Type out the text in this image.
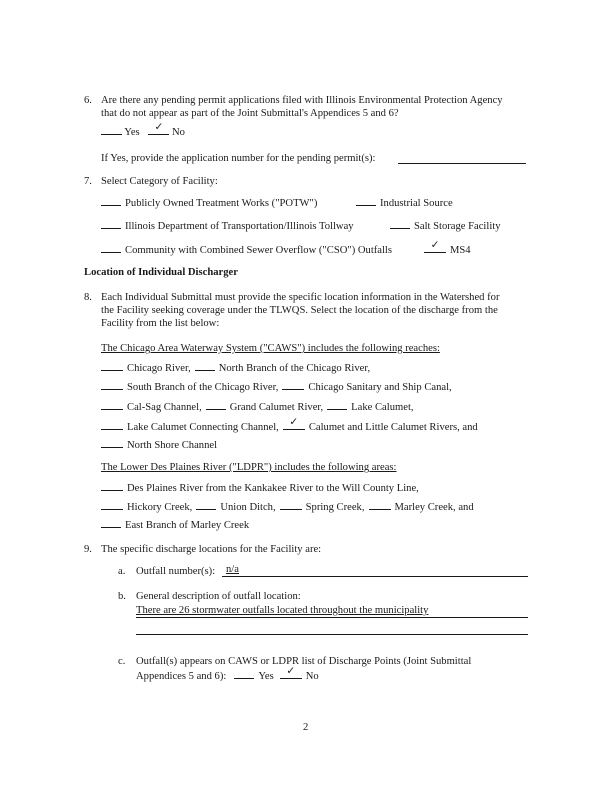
6. Are there any pending permit applications filed with Illinois Environmental Protection Agency
that do not appear as part of the Joint Submittal's Appendices 5 and 6?
Yes	✓ No
If Yes, provide the application number for the pending permit(s):
7. Select Category of Facility:
Publicly Owned Treatment Works ("POTW")	Industrial Source
Illinois Department of Transportation/Illinois Tollway	Salt Storage Facility
Community with Combined Sewer Overflow ("CSO") Outfalls	✓ MS4
Location of Individual Discharger
8. Each Individual Submittal must provide the specific location information in the Watershed for
the Facility seeking coverage under the TLWQS. Select the location of the discharge from the
Facility from the list below:
The Chicago Area Waterway System ("CAWS") includes the following reaches:
Chicago River,	North Branch of the Chicago River,
South Branch of the Chicago River,	Chicago Sanitary and Ship Canal,
Cal-Sag Channel,	Grand Calumet River,	Lake Calumet,
Lake Calumet Connecting Channel,	✓ Calumet and Little Calumet Rivers, and
North Shore Channel
The Lower Des Plaines River ("LDPR") includes the following areas:
Des Plaines River from the Kankakee River to the Will County Line,
Hickory Creek,	Union Ditch,	Spring Creek,	Marley Creek, and
East Branch of Marley Creek
9. The specific discharge locations for the Facility are:
a. Outfall number(s): n/a
b. General description of outfall location:
There are 26 stormwater outfalls located throughout the municipality
c. Outfall(s) appears on CAWS or LDPR list of Discharge Points (Joint Submittal
Appendices 5 and 6):	Yes	✓ No
2
